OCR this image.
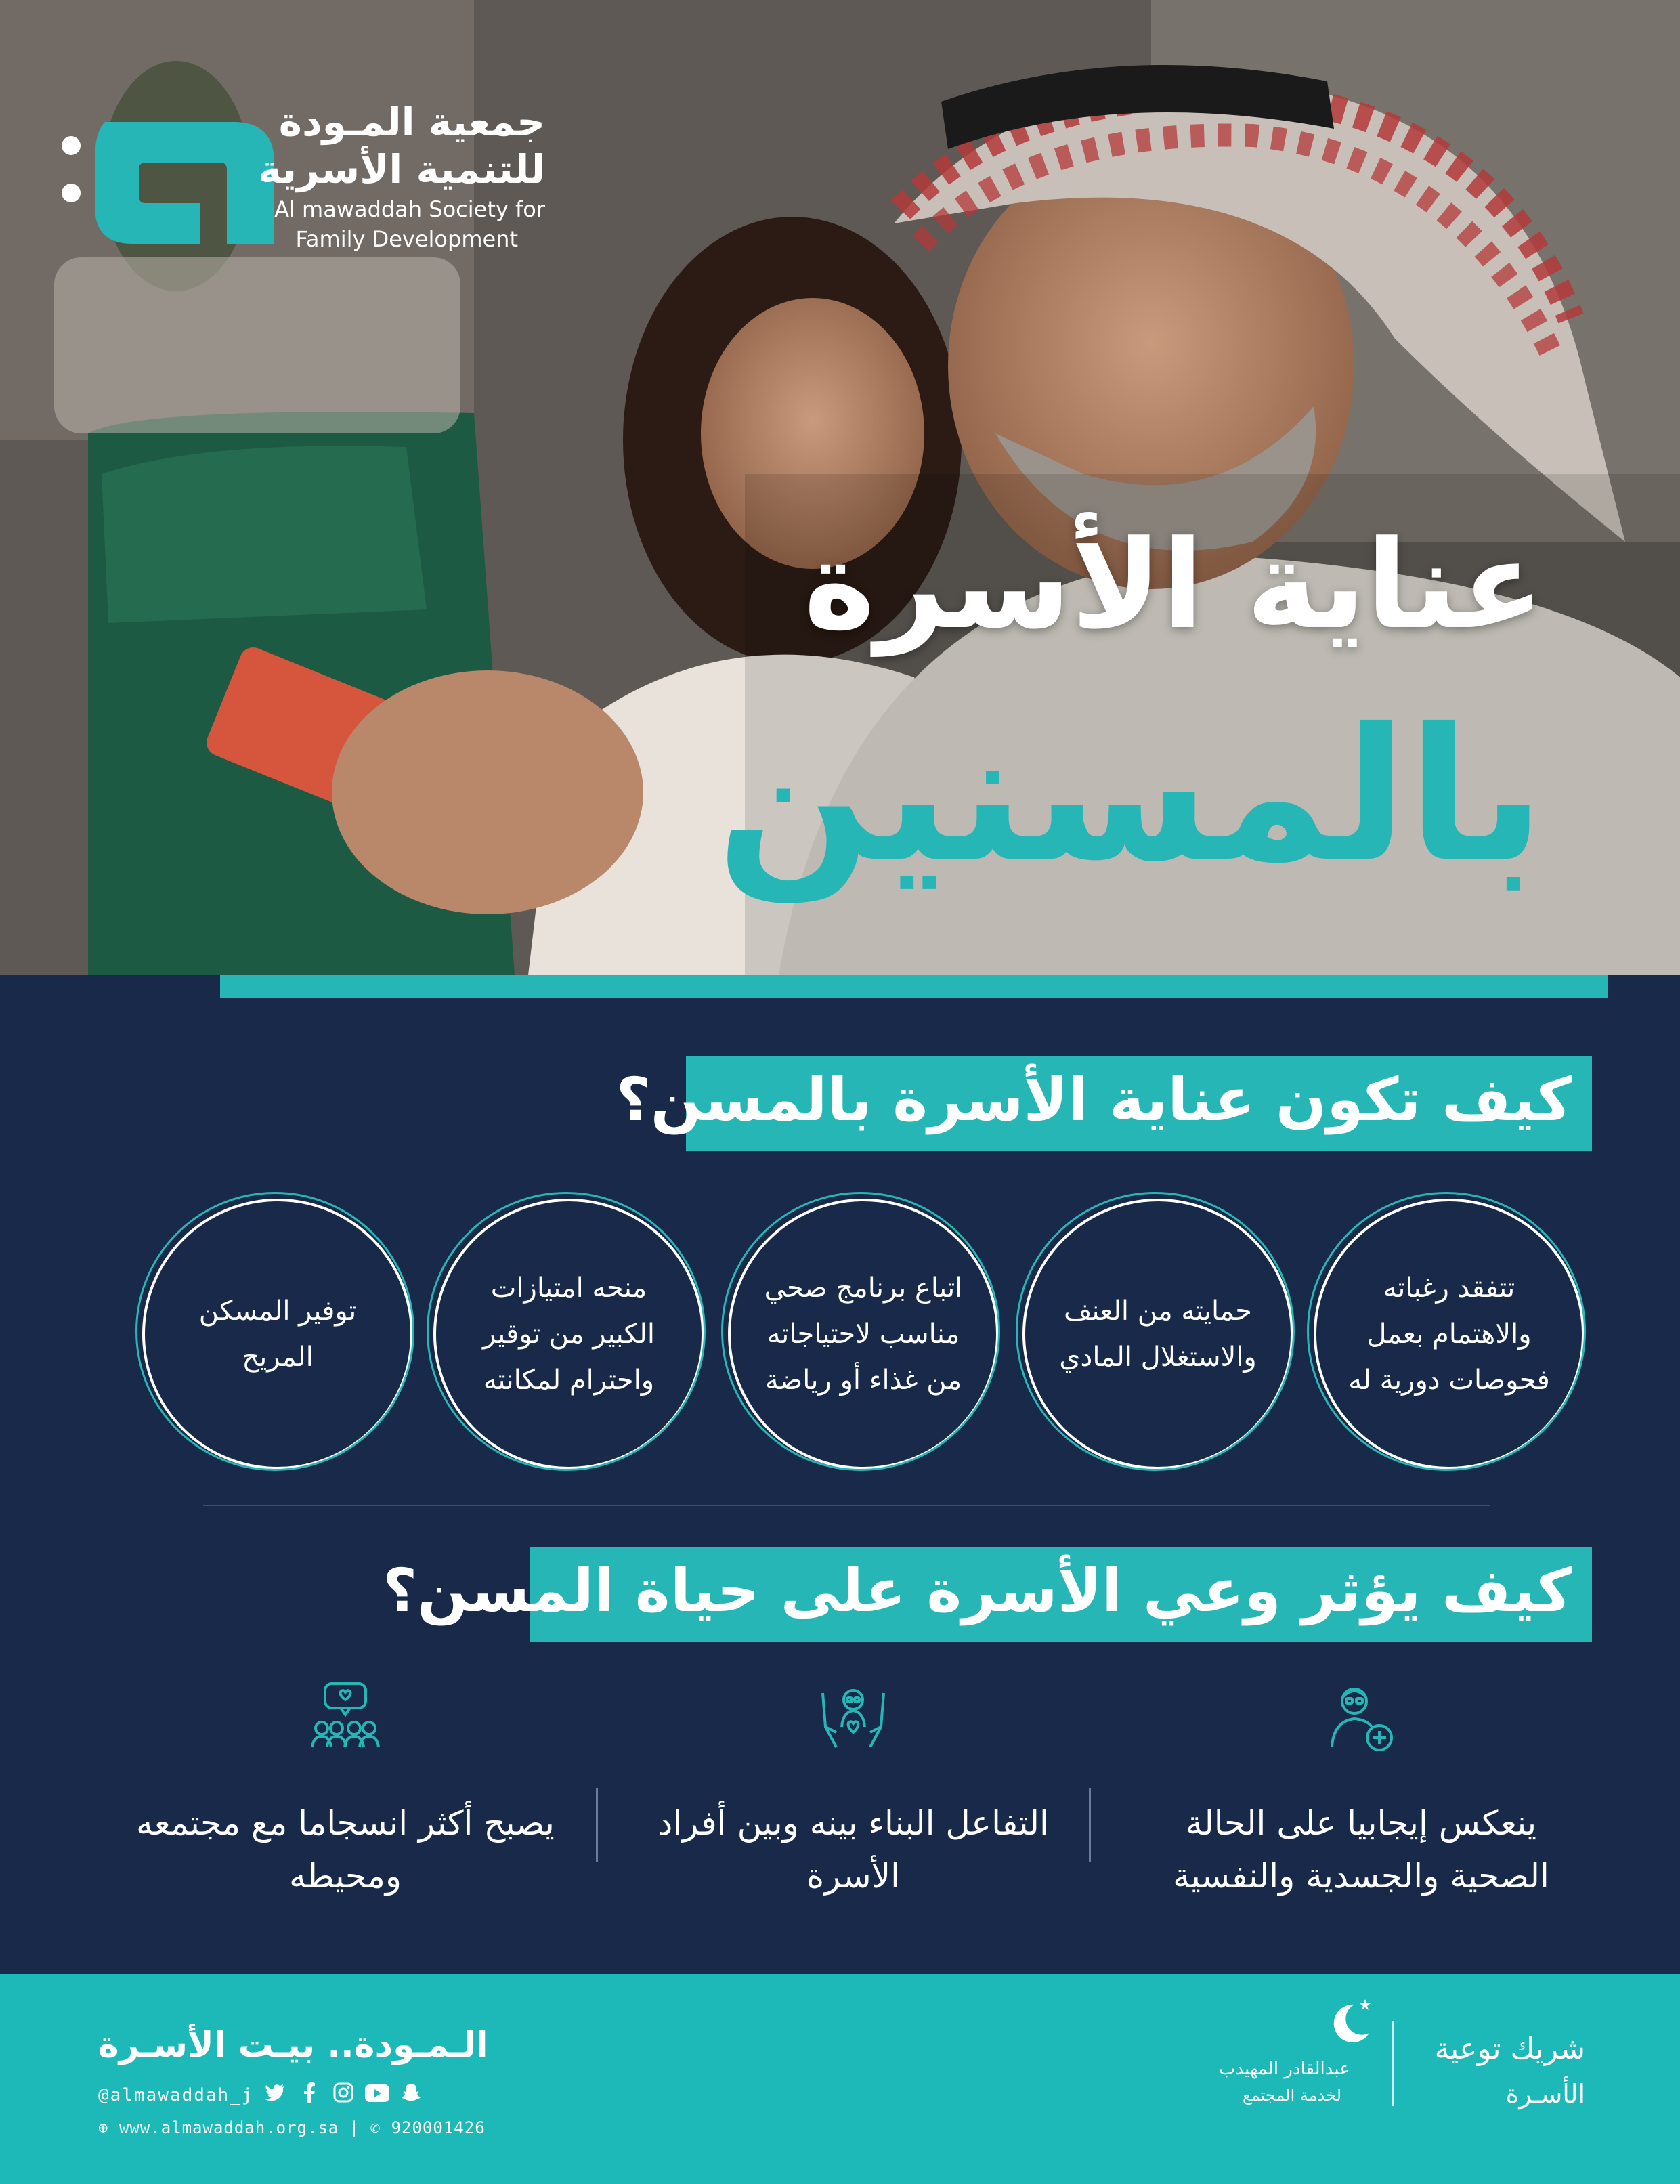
جمعية المـودة
للتنمية الأسرية
Al mawaddah Society for
Family Development
عناية الأسرة
بالمسنين
كيف تكون عناية الأسرة بالمسن؟
تتفقد رغباته والاهتمام بعمل فحوصات دورية له
حمايته من العنف والاستغلال المادي
اتباع برنامج صحي مناسب لاحتياجاته من غذاء أو رياضة
منحه امتيازات الكبير من توقير واحترام لمكانته
توفير المسكن المريح
كيف يؤثر وعي الأسرة على حياة المسن؟
ينعكس إيجابيا على الحالة الصحية والجسدية والنفسية
التفاعل البناء بينه وبين أفراد الأسرة
يصبح أكثر انسجاما مع مجتمعه ومحيطه
الـمـودة.. بيـت الأسـرة
@almawaddah_j
⊕ www.almawaddah.org.sa | ✆ 920001426
عبدالقادر المهيدب
لخدمة المجتمع
شريك توعية
الأسـرة
